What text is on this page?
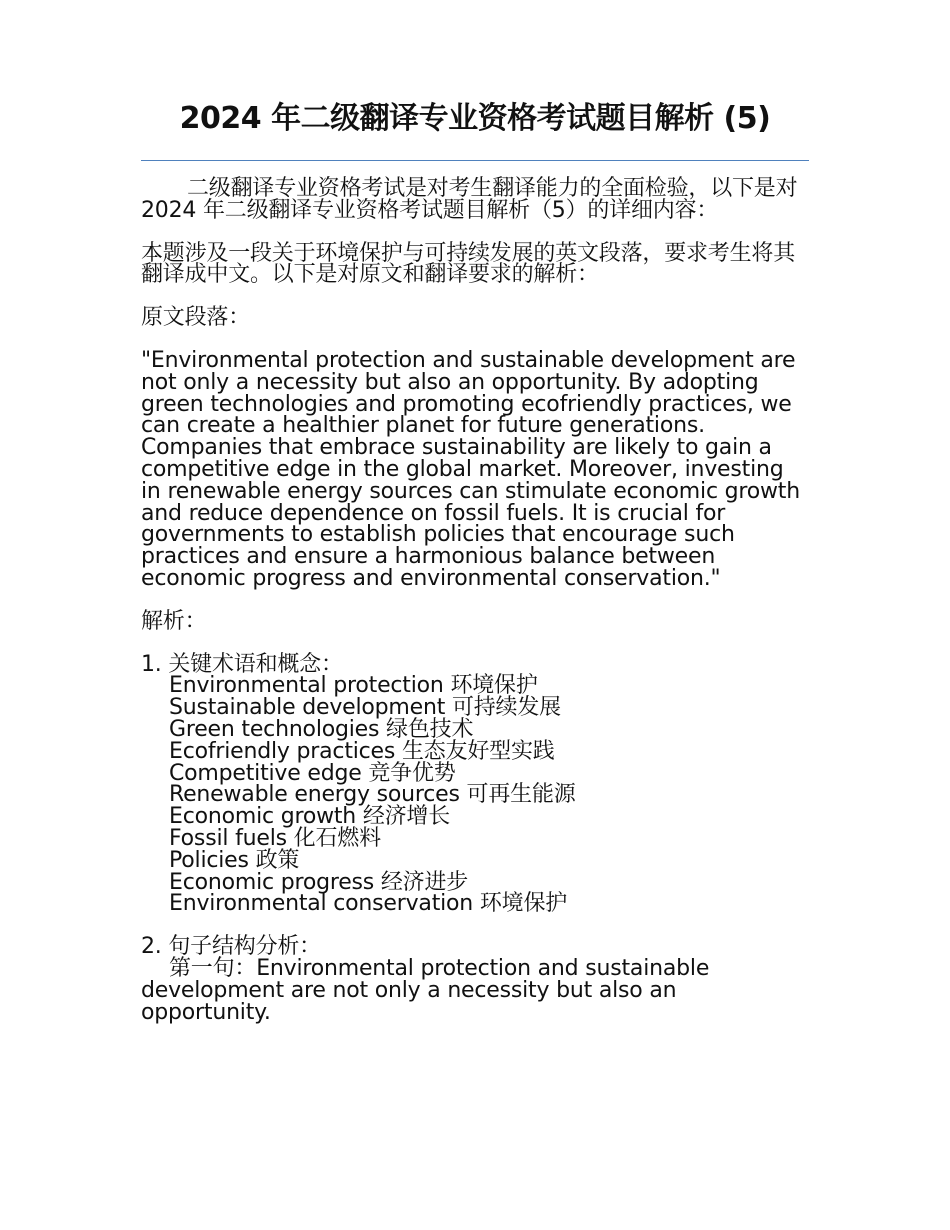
2024 年二级翻译专业资格考试题目解析 (5)

二级翻译专业资格考试是对考生翻译能力的全面检验，以下是对 2024 年二级翻译专业资格考试题目解析（5）的详细内容：

本题涉及一段关于环境保护与可持续发展的英文段落，要求考生将其翻译成中文。以下是对原文和翻译要求的解析：

原文段落：

"Environmental protection and sustainable development are not only a necessity but also an opportunity. By adopting green technologies and promoting ecofriendly practices, we can create a healthier planet for future generations. Companies that embrace sustainability are likely to gain a competitive edge in the global market. Moreover, investing in renewable energy sources can stimulate economic growth and reduce dependence on fossil fuels. It is crucial for governments to establish policies that encourage such practices and ensure a harmonious balance between economic progress and environmental conservation."

解析：

1. 关键术语和概念：
Environmental protection 环境保护
Sustainable development 可持续发展
Green technologies 绿色技术
Ecofriendly practices 生态友好型实践
Competitive edge 竞争优势
Renewable energy sources 可再生能源
Economic growth 经济增长
Fossil fuels 化石燃料
Policies 政策
Economic progress 经济进步
Environmental conservation 环境保护
2. 句子结构分析：
第一句：Environmental protection and sustainable development are not only a necessity but also an opportunity.
